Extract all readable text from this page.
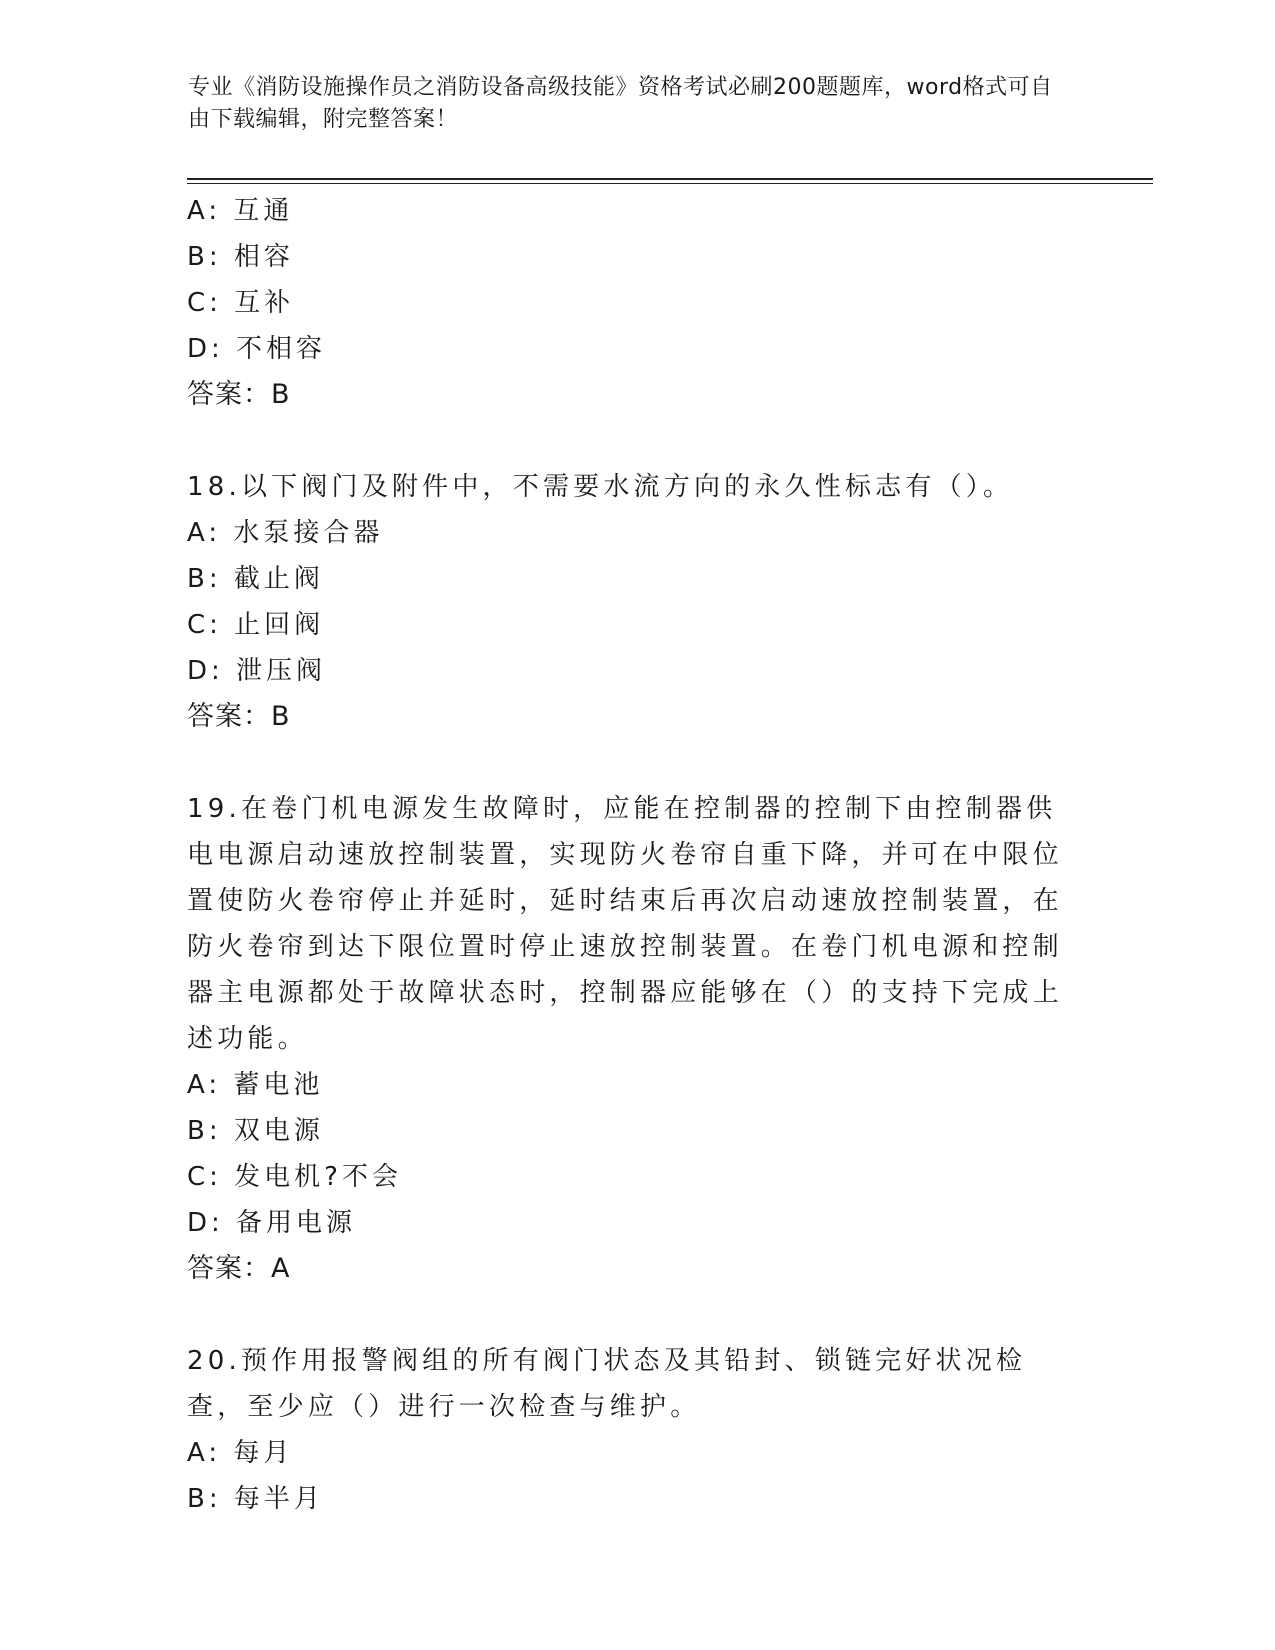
专业《消防设施操作员之消防设备高级技能》资格考试必刷200题题库，word格式可自由下载编辑，附完整答案！
A: 互通
B: 相容
C: 互补
D: 不相容
答案：B
18.以下阀门及附件中，不需要水流方向的永久性标志有（）。
A: 水泵接合器
B: 截止阀
C: 止回阀
D: 泄压阀
答案：B
19.在卷门机电源发生故障时，应能在控制器的控制下由控制器供电电源启动速放控制装置，实现防火卷帘自重下降，并可在中限位置使防火卷帘停止并延时，延时结束后再次启动速放控制装置，在防火卷帘到达下限位置时停止速放控制装置。在卷门机电源和控制器主电源都处于故障状态时，控制器应能够在（）的支持下完成上述功能。
A: 蓄电池
B: 双电源
C: 发电机?不会
D: 备用电源
答案：A
20.预作用报警阀组的所有阀门状态及其铅封、锁链完好状况检查，至少应（）进行一次检查与维护。
A: 每月
B: 每半月
